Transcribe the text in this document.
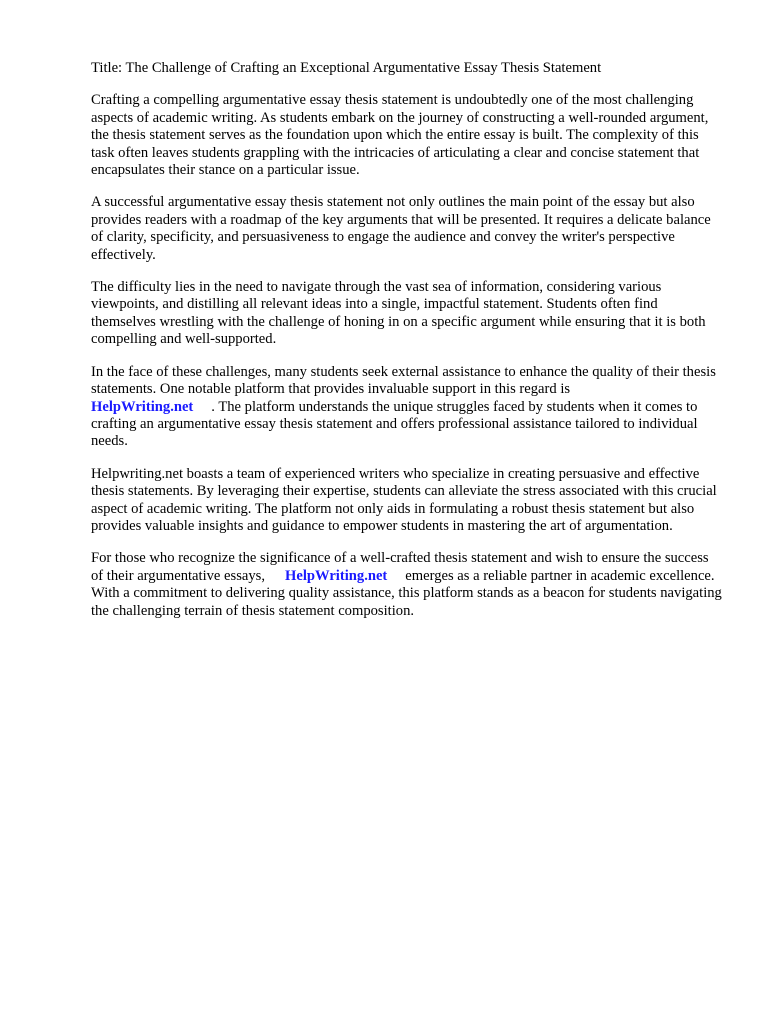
Title: The Challenge of Crafting an Exceptional Argumentative Essay Thesis Statement

Crafting a compelling argumentative essay thesis statement is undoubtedly one of the most challenging aspects of academic writing. As students embark on the journey of constructing a well-rounded argument, the thesis statement serves as the foundation upon which the entire essay is built. The complexity of this task often leaves students grappling with the intricacies of articulating a clear and concise statement that encapsulates their stance on a particular issue.

A successful argumentative essay thesis statement not only outlines the main point of the essay but also provides readers with a roadmap of the key arguments that will be presented. It requires a delicate balance of clarity, specificity, and persuasiveness to engage the audience and convey the writer's perspective effectively.

The difficulty lies in the need to navigate through the vast sea of information, considering various viewpoints, and distilling all relevant ideas into a single, impactful statement. Students often find themselves wrestling with the challenge of honing in on a specific argument while ensuring that it is both compelling and well-supported.

In the face of these challenges, many students seek external assistance to enhance the quality of their thesis statements. One notable platform that provides invaluable support in this regard is
HelpWriting.net . The platform understands the unique struggles faced by students when it comes to crafting an argumentative essay thesis statement and offers professional assistance tailored to individual needs.

Helpwriting.net boasts a team of experienced writers who specialize in creating persuasive and effective thesis statements. By leveraging their expertise, students can alleviate the stress associated with this crucial aspect of academic writing. The platform not only aids in formulating a robust thesis statement but also provides valuable insights and guidance to empower students in mastering the art of argumentation.

For those who recognize the significance of a well-crafted thesis statement and wish to ensure the success of their argumentative essays, HelpWriting.net emerges as a reliable partner in academic excellence. With a commitment to delivering quality assistance, this platform stands as a beacon for students navigating the challenging terrain of thesis statement composition.
